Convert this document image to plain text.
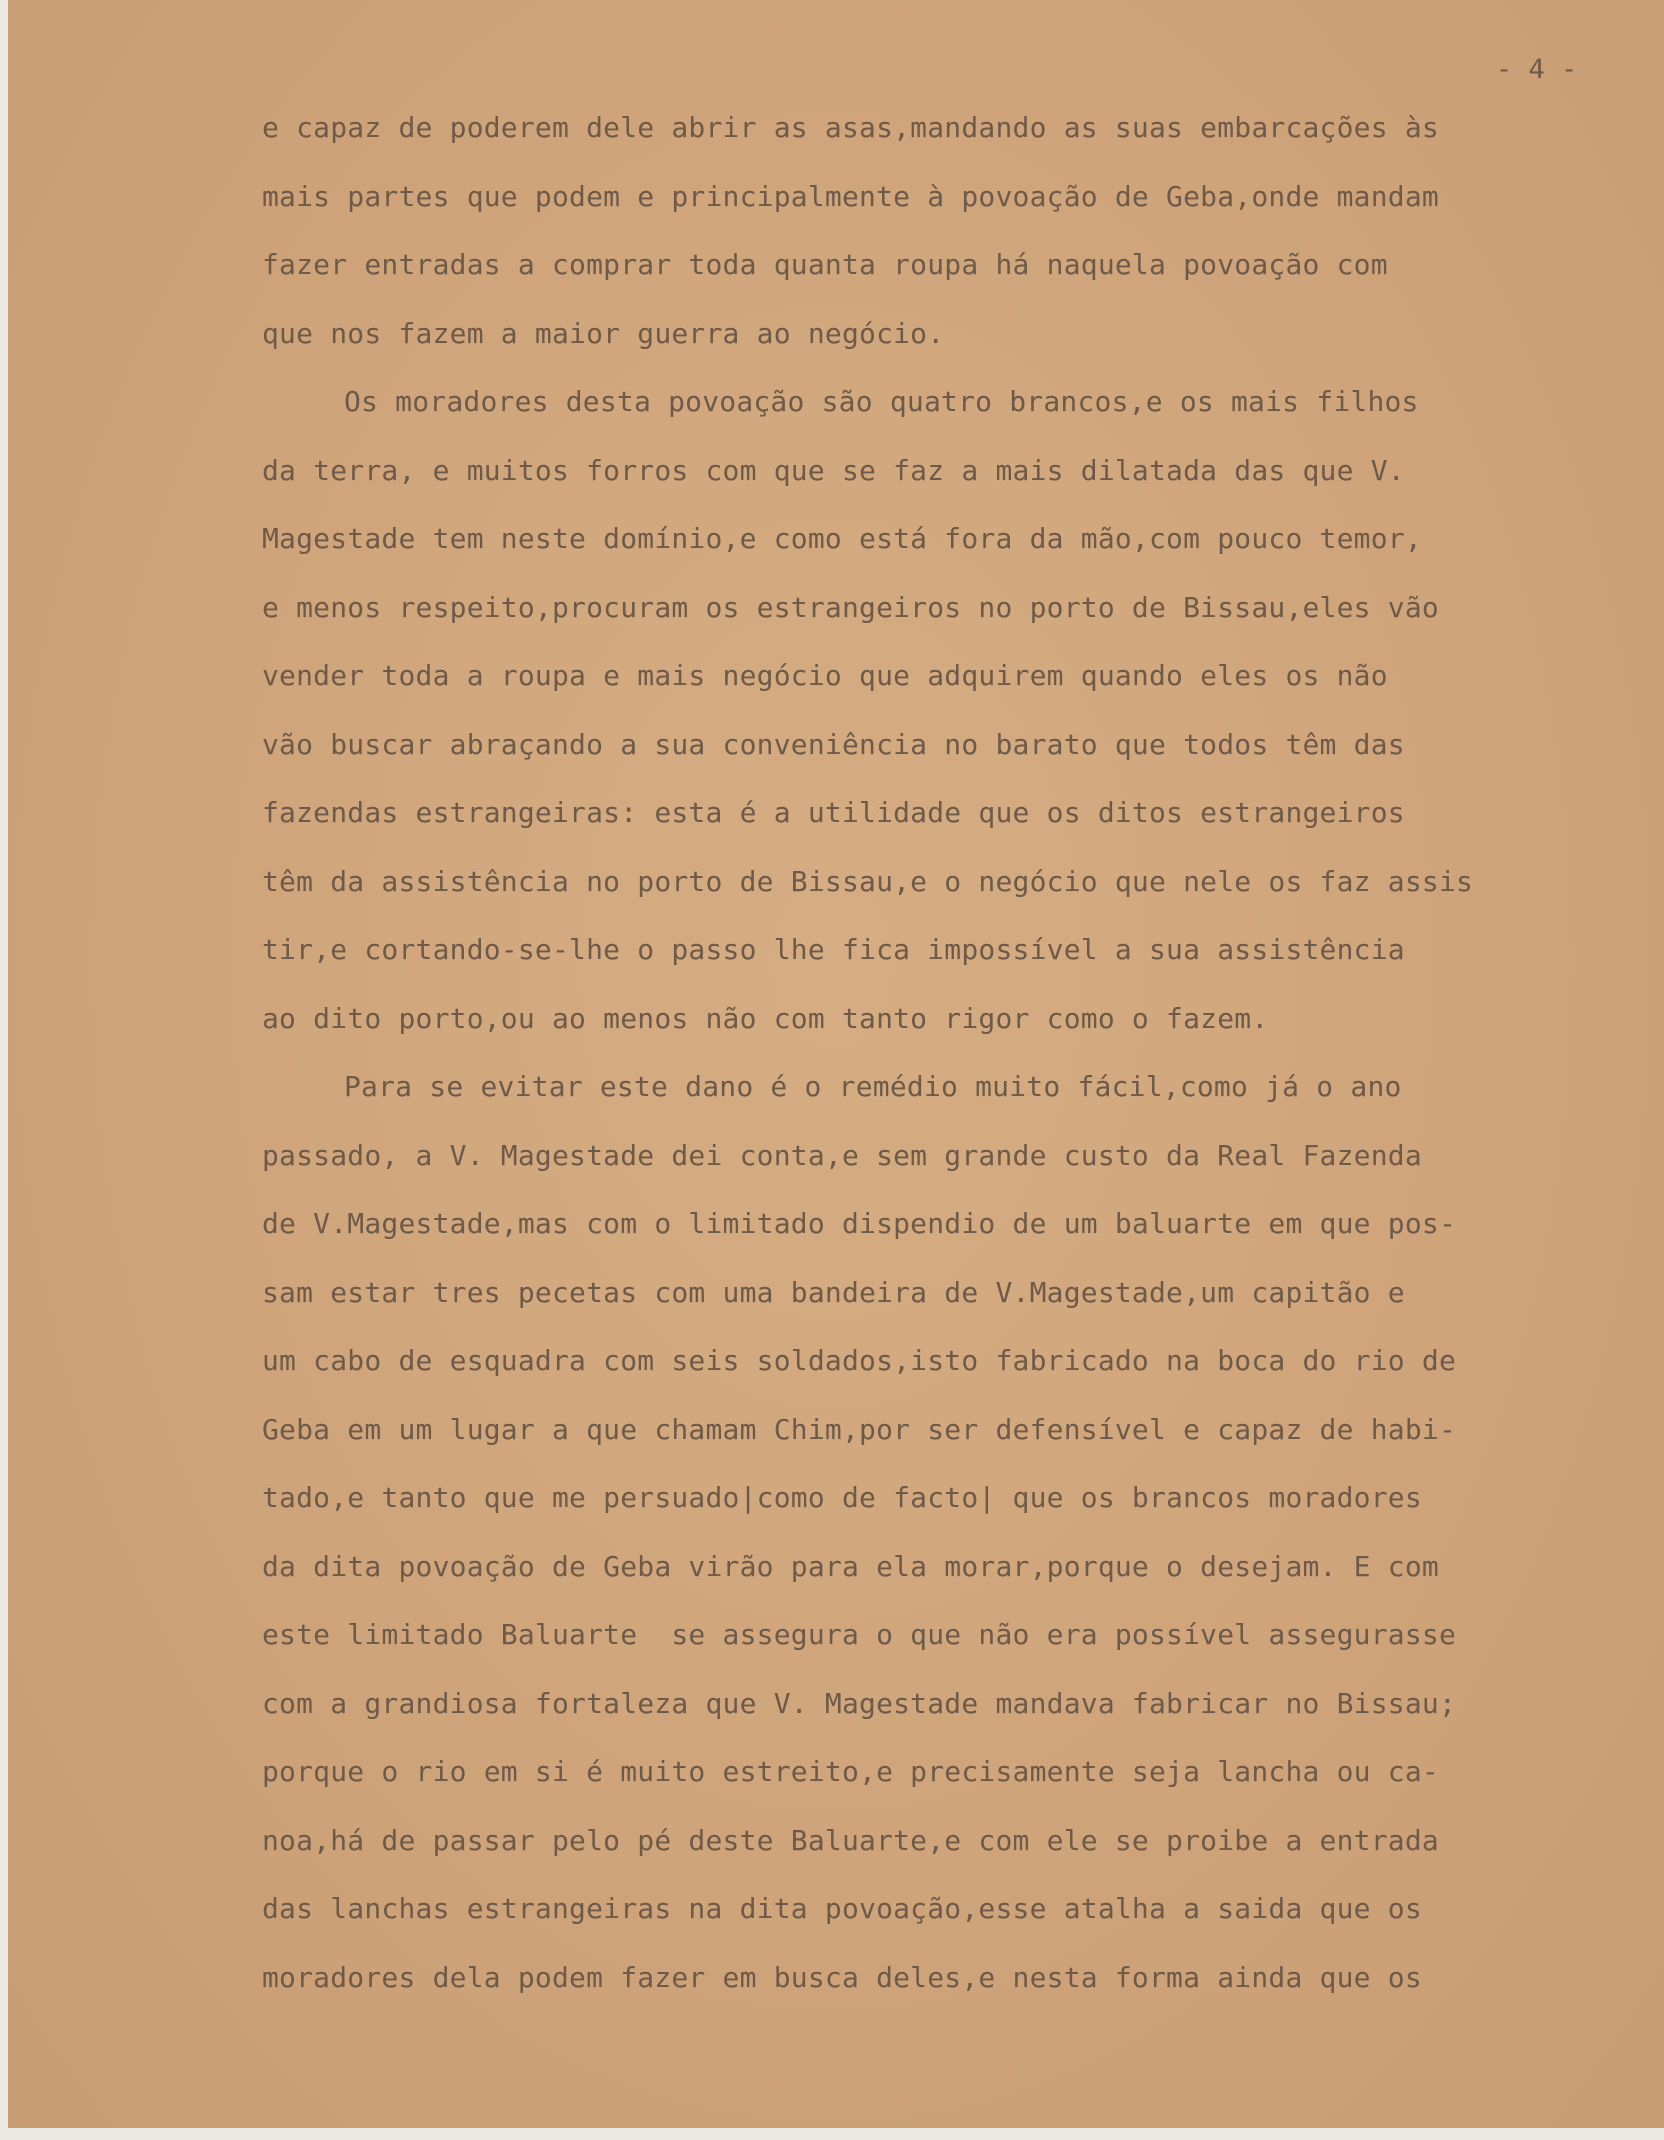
- 4 -
e capaz de poderem dele abrir as asas,mandando as suas embarcações às
mais partes que podem e principalmente à povoação de Geba,onde mandam
fazer entradas a comprar toda quanta roupa há naquela povoação com
que nos fazem a maior guerra ao negócio.
Os moradores desta povoação são quatro brancos,e os mais filhos
da terra, e muitos forros com que se faz a mais dilatada das que V.
Magestade tem neste domínio,e como está fora da mão,com pouco temor,
e menos respeito,procuram os estrangeiros no porto de Bissau,eles vão
vender toda a roupa e mais negócio que adquirem quando eles os não
vão buscar abraçando a sua conveniência no barato que todos têm das
fazendas estrangeiras: esta é a utilidade que os ditos estrangeiros
têm da assistência no porto de Bissau,e o negócio que nele os faz assis
tir,e cortando-se-lhe o passo lhe fica impossível a sua assistência
ao dito porto,ou ao menos não com tanto rigor como o fazem.
Para se evitar este dano é o remédio muito fácil,como já o ano
passado, a V. Magestade dei conta,e sem grande custo da Real Fazenda
de V.Magestade,mas com o limitado dispendio de um baluarte em que pos-
sam estar tres pecetas com uma bandeira de V.Magestade,um capitão e
um cabo de esquadra com seis soldados,isto fabricado na boca do rio de
Geba em um lugar a que chamam Chim,por ser defensível e capaz de habi-
tado,e tanto que me persuado|como de facto| que os brancos moradores
da dita povoação de Geba virão para ela morar,porque o desejam. E com
este limitado Baluarte  se assegura o que não era possível assegurasse
com a grandiosa fortaleza que V. Magestade mandava fabricar no Bissau;
porque o rio em si é muito estreito,e precisamente seja lancha ou ca-
noa,há de passar pelo pé deste Baluarte,e com ele se proibe a entrada
das lanchas estrangeiras na dita povoação,esse atalha a saida que os
moradores dela podem fazer em busca deles,e nesta forma ainda que os
